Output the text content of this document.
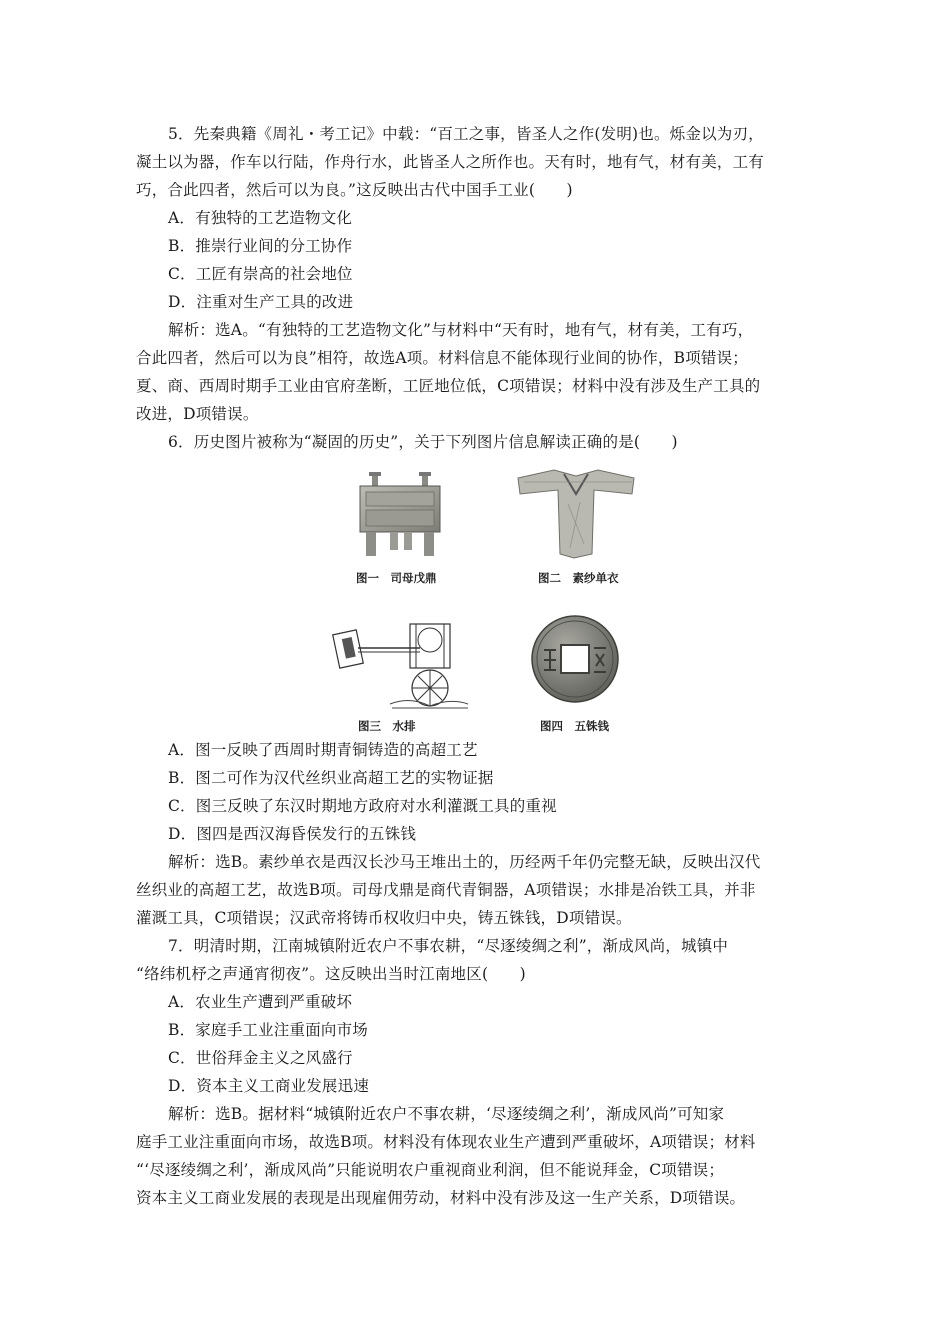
5．先秦典籍《周礼・考工记》中载：“百工之事，皆圣人之作(发明)也。烁金以为刃，
凝土以为器，作车以行陆，作舟行水，此皆圣人之所作也。天有时，地有气，材有美，工有
巧，合此四者，然后可以为良。”这反映出古代中国手工业(　　)
A．有独特的工艺造物文化
B．推崇行业间的分工协作
C．工匠有崇高的社会地位
D．注重对生产工具的改进
解析：选A。“有独特的工艺造物文化”与材料中“天有时，地有气，材有美，工有巧，
合此四者，然后可以为良”相符，故选A项。材料信息不能体现行业间的协作，B项错误；
夏、商、西周时期手工业由官府垄断，工匠地位低，C项错误；材料中没有涉及生产工具的
改进，D项错误。
6．历史图片被称为“凝固的历史”，关于下列图片信息解读正确的是(　　)
图一　司母戊鼎	图二　素纱单衣
图三　水排	图四　五铢钱
A．图一反映了西周时期青铜铸造的高超工艺
B．图二可作为汉代丝织业高超工艺的实物证据
C．图三反映了东汉时期地方政府对水利灌溉工具的重视
D．图四是西汉海昏侯发行的五铢钱
解析：选B。素纱单衣是西汉长沙马王堆出土的，历经两千年仍完整无缺，反映出汉代
丝织业的高超工艺，故选B项。司母戊鼎是商代青铜器，A项错误；水排是冶铁工具，并非
灌溉工具，C项错误；汉武帝将铸币权收归中央，铸五铢钱，D项错误。
7．明清时期，江南城镇附近农户不事农耕，“尽逐绫绸之利”，渐成风尚，城镇中
“络纬机杼之声通宵彻夜”。这反映出当时江南地区(　　)
A．农业生产遭到严重破坏
B．家庭手工业注重面向市场
C．世俗拜金主义之风盛行
D．资本主义工商业发展迅速
解析：选B。据材料“城镇附近农户不事农耕，‘尽逐绫绸之利’，渐成风尚”可知家
庭手工业注重面向市场，故选B项。材料没有体现农业生产遭到严重破坏，A项错误；材料
“‘尽逐绫绸之利’，渐成风尚”只能说明农户重视商业利润，但不能说拜金，C项错误；
资本主义工商业发展的表现是出现雇佣劳动，材料中没有涉及这一生产关系，D项错误。
